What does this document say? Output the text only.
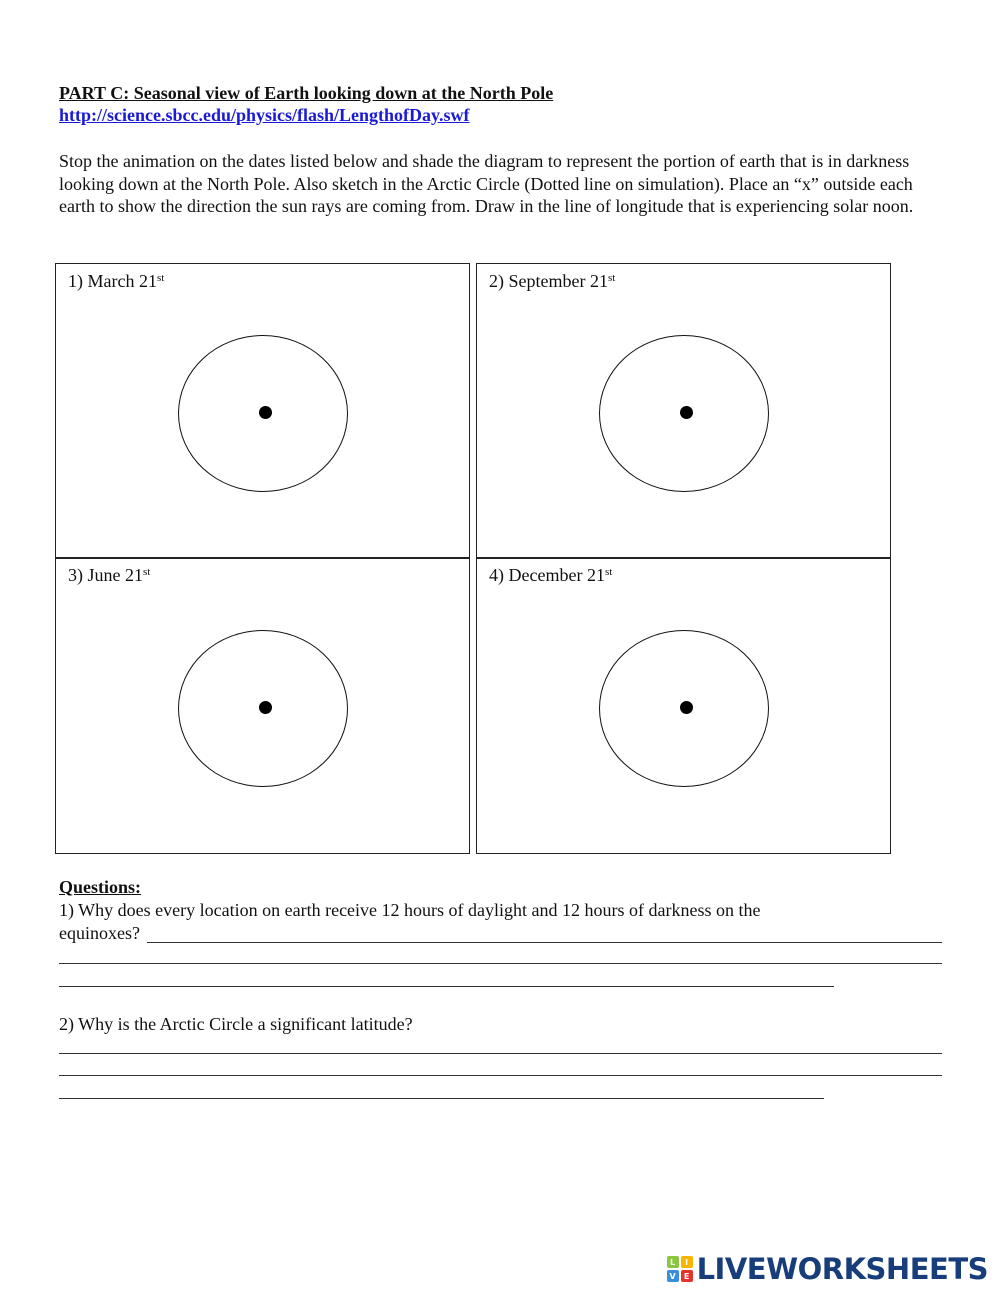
PART C: Seasonal view of Earth looking down at the North Pole
http://science.sbcc.edu/physics/flash/LengthofDay.swf
Stop the animation on the dates listed below and shade the diagram to represent the portion of earth that is in darkness looking down at the North Pole. Also sketch in the Arctic Circle (Dotted line on simulation). Place an “x” outside each earth to show the direction the sun rays are coming from. Draw in the line of longitude that is experiencing solar noon.
1) March 21st	2) September 21st
3) June 21st	4) December 21st
Questions:
1) Why does every location on earth receive 12 hours of daylight and 12 hours of darkness on the
equinoxes?
2) Why is the Arctic Circle a significant latitude?
L	I
V	E LIVEWORKSHEETS
